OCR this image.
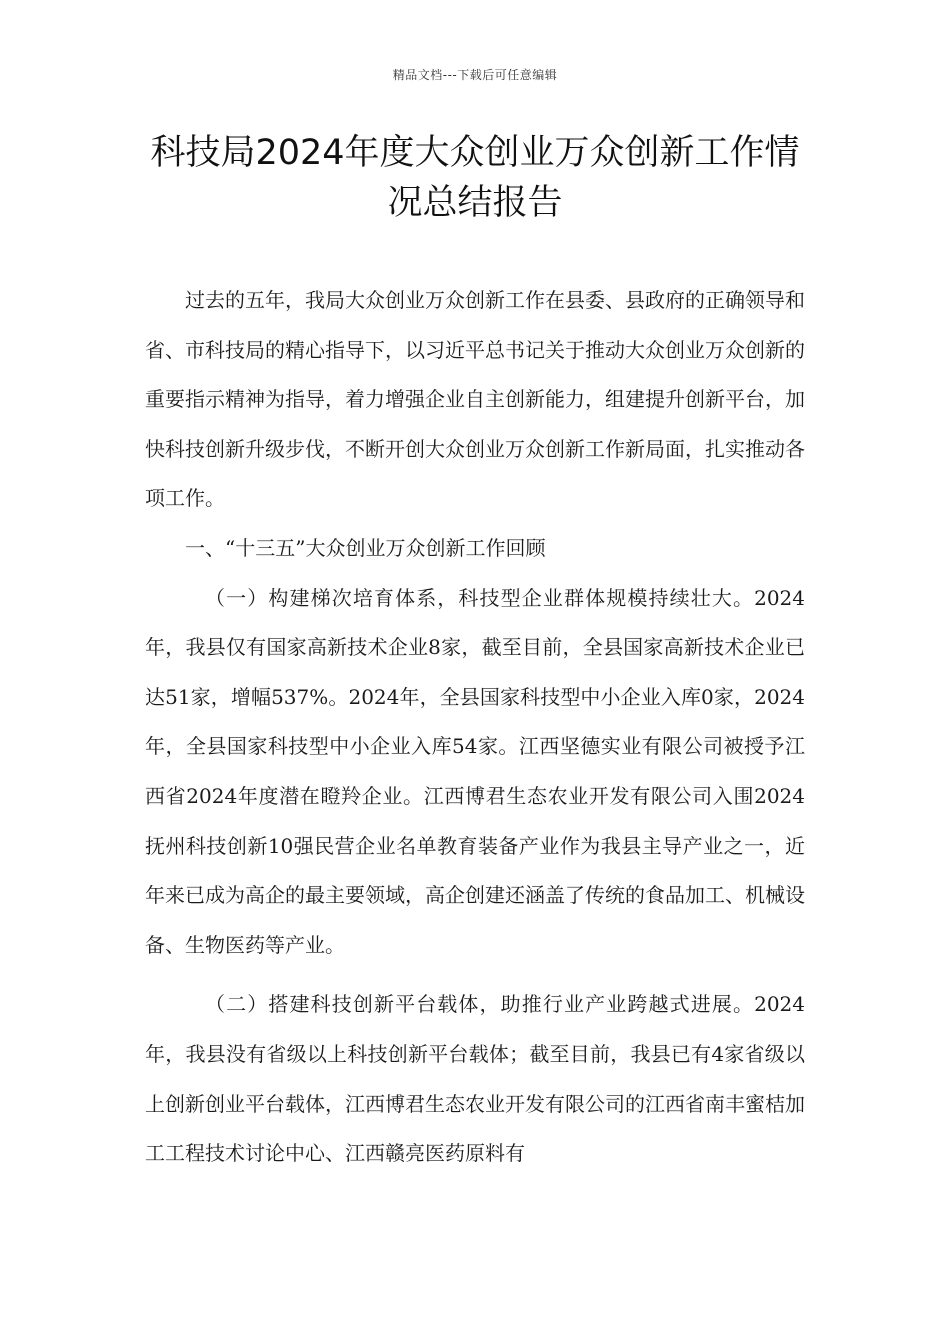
精品文档---下载后可任意编辑
科技局2024年度大众创业万众创新工作情况总结报告

过去的五年，我局大众创业万众创新工作在县委、县政府的正确领导和省、市科技局的精心指导下，以习近平总书记关于推动大众创业万众创新的重要指示精神为指导，着力增强企业自主创新能力，组建提升创新平台，加快科技创新升级步伐，不断开创大众创业万众创新工作新局面，扎实推动各项工作。

一、“十三五”大众创业万众创新工作回顾

（一）构建梯次培育体系，科技型企业群体规模持续壮大。2024年，我县仅有国家高新技术企业8家，截至目前，全县国家高新技术企业已达51家，增幅537%。2024年，全县国家科技型中小企业入库0家，2024年，全县国家科技型中小企业入库54家。江西坚德实业有限公司被授予江西省2024年度潜在瞪羚企业。江西博君生态农业开发有限公司入围2024抚州科技创新10强民营企业名单教育装备产业作为我县主导产业之一，近年来已成为高企的最主要领域，高企创建还涵盖了传统的食品加工、机械设备、生物医药等产业。

（二）搭建科技创新平台载体，助推行业产业跨越式进展。2024年，我县没有省级以上科技创新平台载体；截至目前，我县已有4家省级以上创新创业平台载体，江西博君生态农业开发有限公司的江西省南丰蜜桔加工工程技术讨论中心、江西赣亮医药原料有
